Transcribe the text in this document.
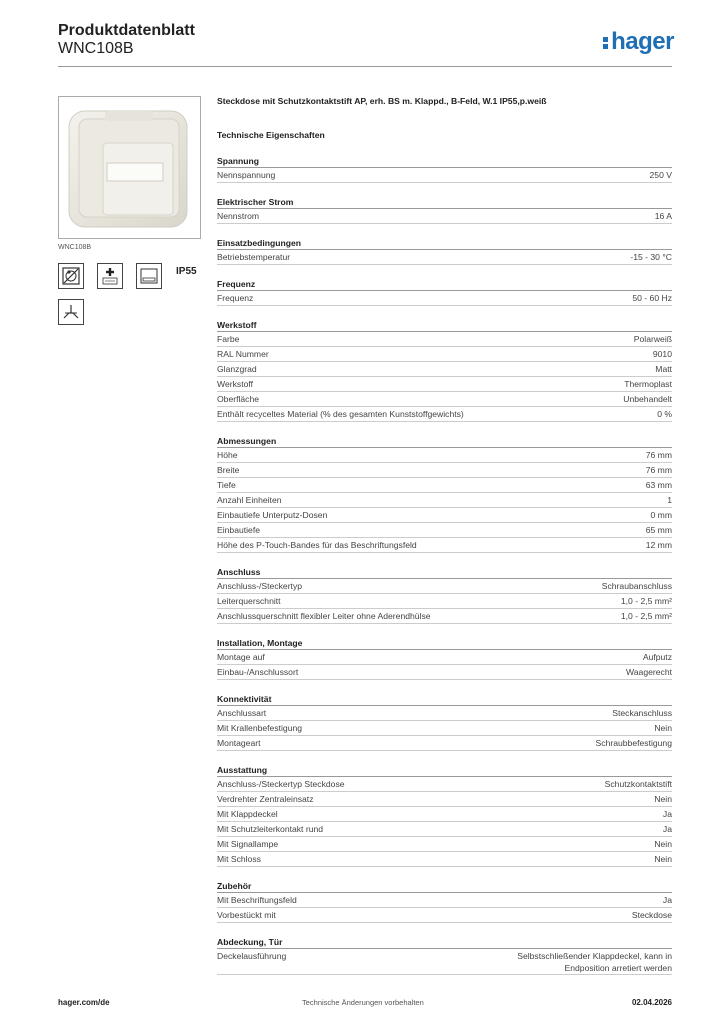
Produktdatenblatt
WNC108B	hager
WNC108B
IP55
Steckdose mit Schutzkontaktstift AP, erh. BS m. Klappd., B-Feld, W.1 IP55,p.weiß
Technische Eigenschaften
Spannung
Nennspannung	250 V
Elektrischer Strom
Nennstrom	16 A
Einsatzbedingungen
Betriebstemperatur	-15 - 30 °C
Frequenz
Frequenz	50 - 60 Hz
Werkstoff
Farbe	Polarweiß
RAL Nummer	9010
Glanzgrad	Matt
Werkstoff	Thermoplast
Oberfläche	Unbehandelt
Enthält recyceltes Material (% des gesamten Kunststoffgewichts)	0 %
Abmessungen
Höhe	76 mm
Breite	76 mm
Tiefe	63 mm
Anzahl Einheiten	1
Einbautiefe Unterputz-Dosen	0 mm
Einbautiefe	65 mm
Höhe des P-Touch-Bandes für das Beschriftungsfeld	12 mm
Anschluss
Anschluss-/Steckertyp	Schraubanschluss
Leiterquerschnitt	1,0 - 2,5 mm²
Anschlussquerschnitt flexibler Leiter ohne Aderendhülse	1,0 - 2,5 mm²
Installation, Montage
Montage auf	Aufputz
Einbau-/Anschlussort	Waagerecht
Konnektivität
Anschlussart	Steckanschluss
Mit Krallenbefestigung	Nein
Montageart	Schraubbefestigung
Ausstattung
Anschluss-/Steckertyp Steckdose	Schutzkontaktstift
Verdrehter Zentraleinsatz	Nein
Mit Klappdeckel	Ja
Mit Schutzleiterkontakt rund	Ja
Mit Signallampe	Nein
Mit Schloss	Nein
Zubehör
Mit Beschriftungsfeld	Ja
Vorbestückt mit	Steckdose
Abdeckung, Tür
Deckelausführung	Selbstschließender Klappdeckel, kann in Endposition arretiert werden
hager.com/de	Technische Änderungen vorbehalten	02.04.2026
